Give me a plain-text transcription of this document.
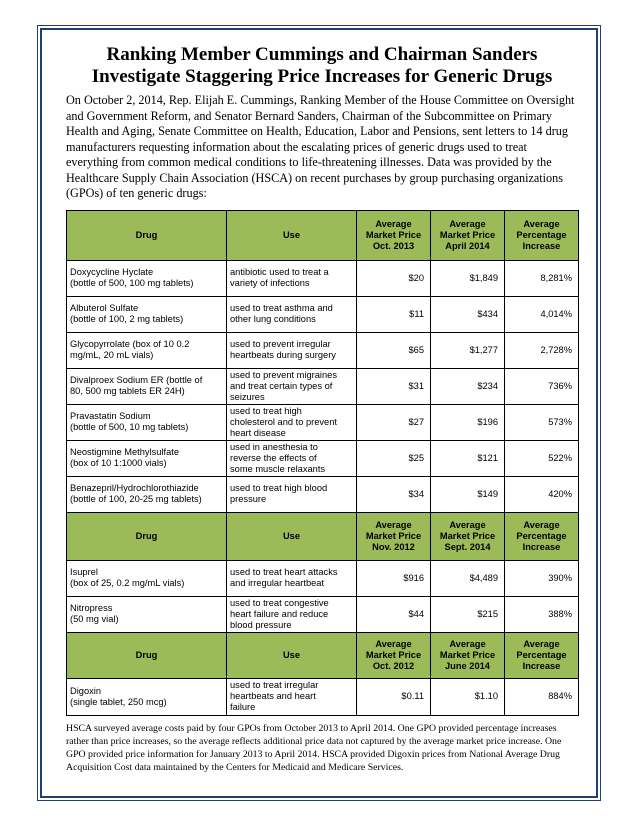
Ranking Member Cummings and Chairman Sanders
Investigate Staggering Price Increases for Generic Drugs

On October 2, 2014, Rep. Elijah E. Cummings, Ranking Member of the House Committee on Oversight and Government Reform, and Senator Bernard Sanders, Chairman of the Subcommittee on Primary Health and Aging, Senate Committee on Health, Education, Labor and Pensions, sent letters to 14 drug manufacturers requesting information about the escalating prices of generic drugs used to treat everything from common medical conditions to life-threatening illnesses. Data was provided by the Healthcare Supply Chain Association (HSCA) on recent purchases by group purchasing organizations (GPOs) of ten generic drugs:

Drug	Use	Average
Market Price
Oct. 2013	Average
Market Price
April 2014	Average
Percentage
Increase
Doxycycline Hyclate
(bottle of 500, 100 mg tablets)	antibiotic used to treat a
variety of infections	$20	$1,849	8,281%
Albuterol Sulfate
(bottle of 100, 2 mg tablets)	used to treat asthma and
other lung conditions	$11	$434	4,014%
Glycopyrrolate (box of 10 0.2
mg/mL, 20 mL vials)	used to prevent irregular
heartbeats during surgery	$65	$1,277	2,728%
Divalproex Sodium ER (bottle of
80, 500 mg tablets ER 24H)	used to prevent migraines
and treat certain types of
seizures	$31	$234	736%
Pravastatin Sodium
(bottle of 500, 10 mg tablets)	used to treat high
cholesterol and to prevent
heart disease	$27	$196	573%
Neostigmine Methylsulfate
(box of 10 1:1000 vials)	used in anesthesia to
reverse the effects of
some muscle relaxants	$25	$121	522%
Benazepril/Hydrochlorothiazide
(bottle of 100, 20-25 mg tablets)	used to treat high blood
pressure	$34	$149	420%
Drug	Use	Average
Market Price
Nov. 2012	Average
Market Price
Sept. 2014	Average
Percentage
Increase
Isuprel
(box of 25, 0.2 mg/mL vials)	used to treat heart attacks
and irregular heartbeat	$916	$4,489	390%
Nitropress
(50 mg vial)	used to treat congestive
heart failure and reduce
blood pressure	$44	$215	388%
Drug	Use	Average
Market Price
Oct. 2012	Average
Market Price
June 2014	Average
Percentage
Increase
Digoxin
(single tablet, 250 mcg)	used to treat irregular
heartbeats and heart
failure	$0.11	$1.10	884%

HSCA surveyed average costs paid by four GPOs from October 2013 to April 2014. One GPO provided percentage increases rather than price increases, so the average reflects additional price data not captured by the average market price increase. One GPO provided price information for January 2013 to April 2014. HSCA provided Digoxin prices from National Average Drug Acquisition Cost data maintained by the Centers for Medicaid and Medicare Services.
